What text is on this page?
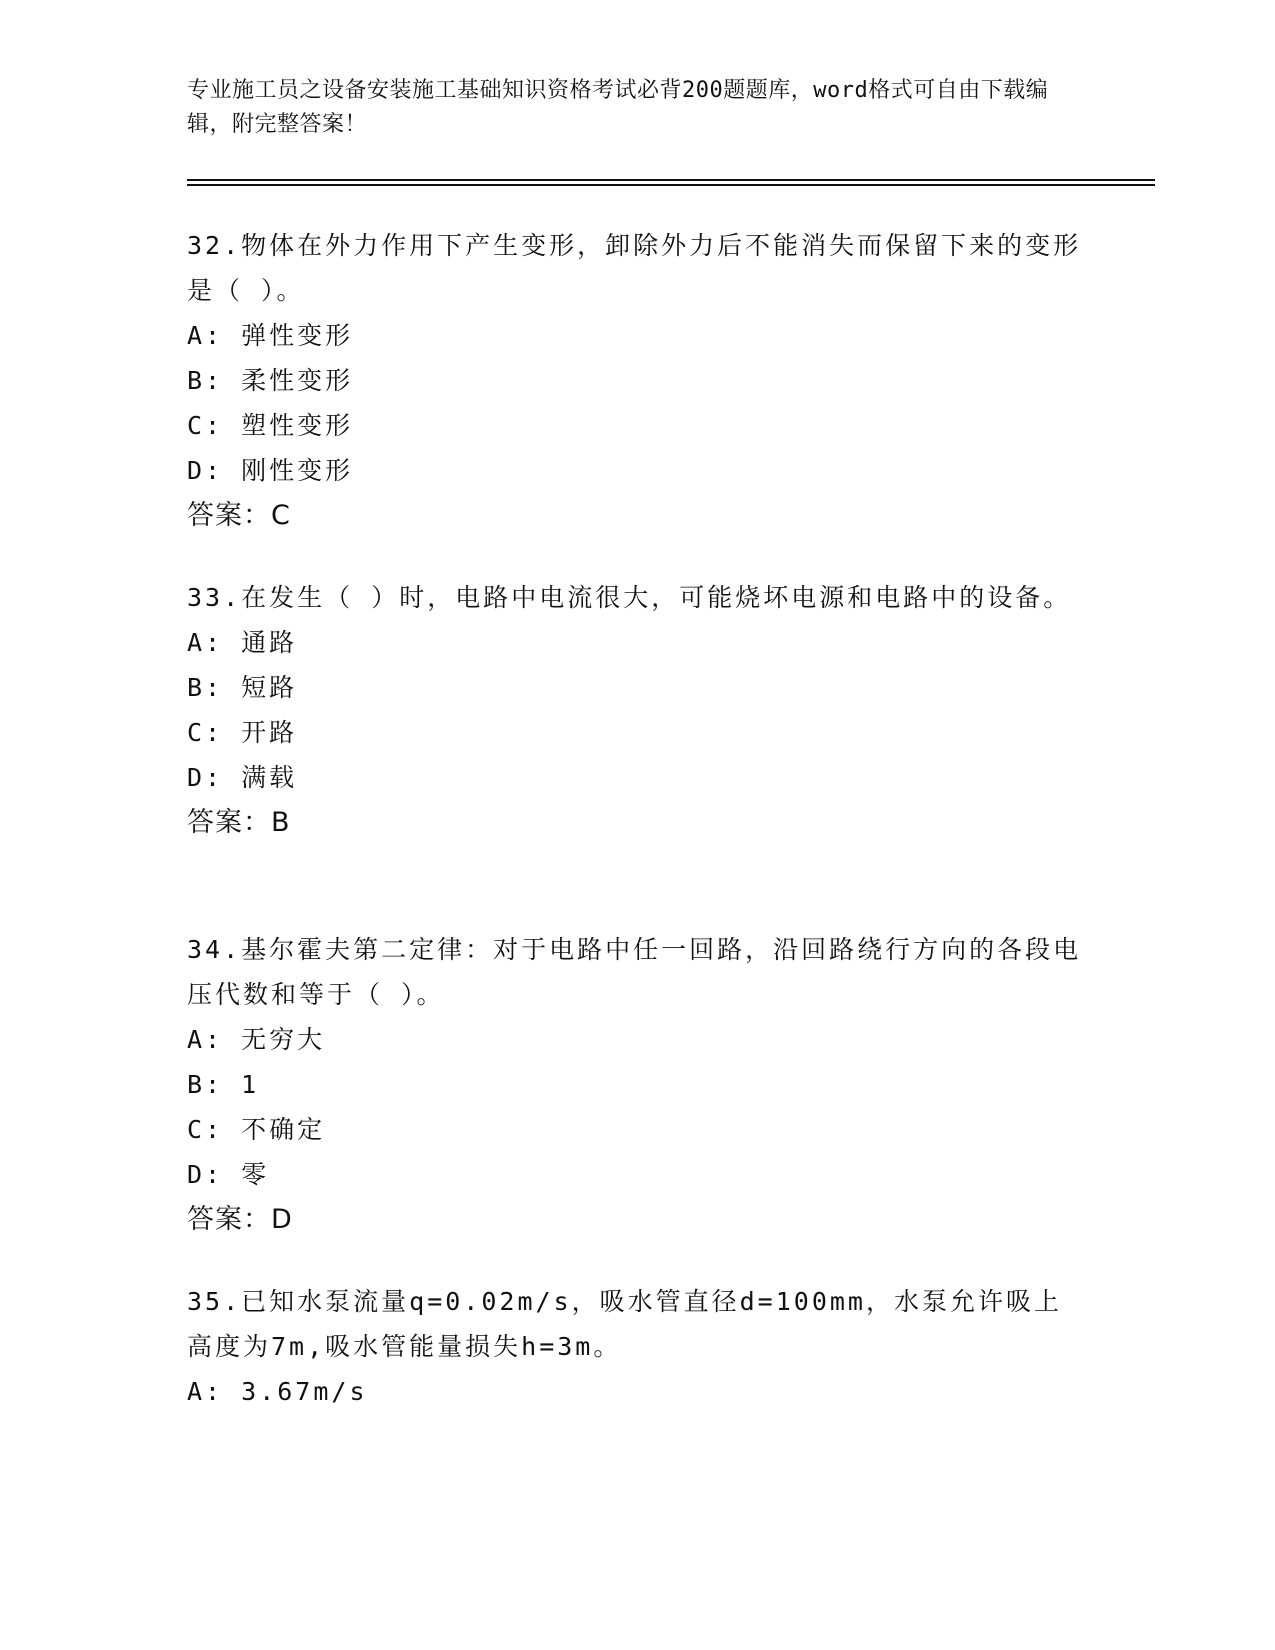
专业施工员之设备安装施工基础知识资格考试必背200题题库，word格式可自由下载编辑，附完整答案！

32.物体在外力作用下产生变形，卸除外力后不能消失而保留下来的变形是（ ）。

A: 弹性变形

B: 柔性变形

C: 塑性变形

D: 刚性变形

答案：C

33.在发生（ ）时，电路中电流很大，可能烧坏电源和电路中的设备。

A: 通路

B: 短路

C: 开路

D: 满载

答案：B

34.基尔霍夫第二定律：对于电路中任一回路，沿回路绕行方向的各段电压代数和等于（ ）。

A: 无穷大

B: 1

C: 不确定

D: 零

答案：D

35.已知水泵流量q=0.02m/s，吸水管直径d=100mm，水泵允许吸上高度为7m,吸水管能量损失h=3m。

A: 3.67m/s
